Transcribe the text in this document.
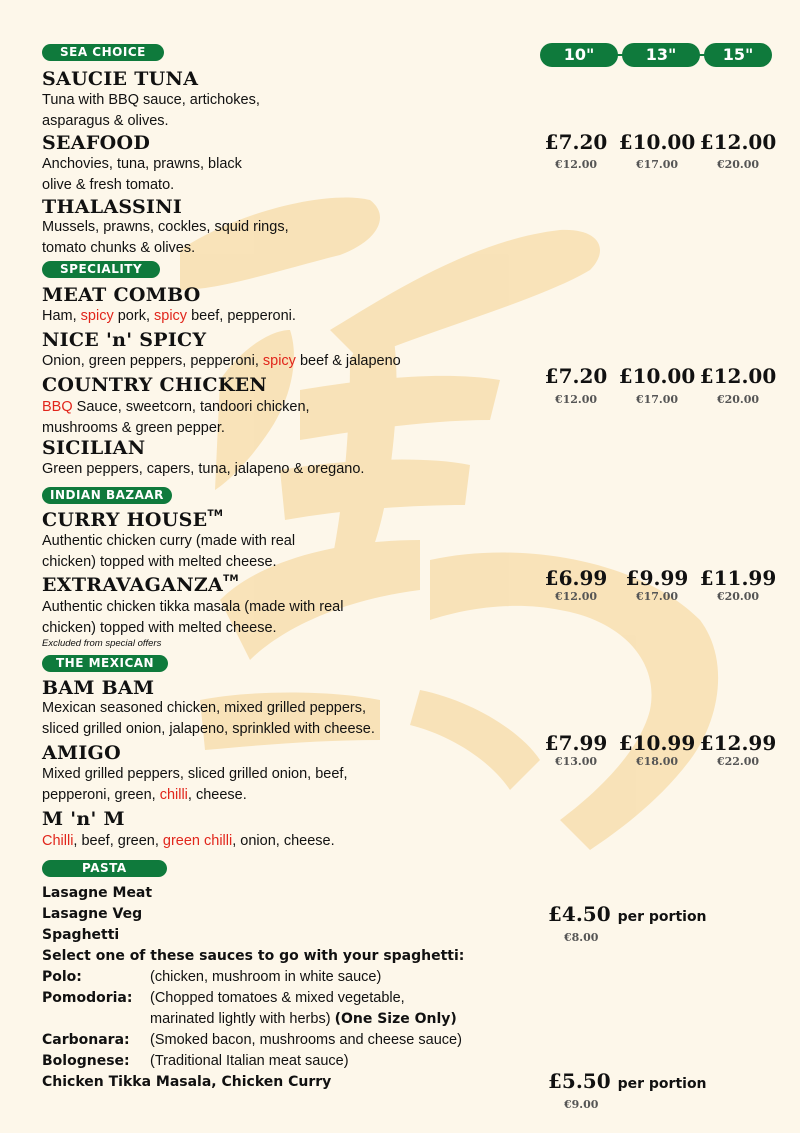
10"	13"	15"
SEA CHOICE
SAUCIE TUNA
Tuna with BBQ sauce, artichokes,
asparagus & olives.
SEAFOOD
Anchovies, tuna, prawns, black
olive & fresh tomato.
THALASSINI
Mussels, prawns, cockles, squid rings,
tomato chunks & olives.
£7.20 £10.00 £12.00
€12.00	€17.00	€20.00
SPECIALITY
MEAT COMBO
Ham, spicy pork, spicy beef, pepperoni.
NICE 'n' SPICY
Onion, green peppers, pepperoni, spicy beef & jalapeno
COUNTRY CHICKEN
BBQ Sauce, sweetcorn, tandoori chicken,
mushrooms & green pepper.
SICILIAN
Green peppers, capers, tuna, jalapeno & oregano.
£7.20 £10.00 £12.00
€12.00	€17.00	€20.00
INDIAN BAZAAR
CURRY HOUSE™
Authentic chicken curry (made with real
chicken) topped with melted cheese.
EXTRAVAGANZA™
Authentic chicken tikka masala (made with real
chicken) topped with melted cheese.
Excluded from special offers
£6.99 £9.99 £11.99
€12.00	€17.00	€20.00
THE MEXICAN
BAM BAM
Mexican seasoned chicken, mixed grilled peppers,
sliced grilled onion, jalapeno, sprinkled with cheese.
AMIGO
Mixed grilled peppers, sliced grilled onion, beef,
pepperoni, green, chilli, cheese.
M 'n' M
Chilli, beef, green, green chilli, onion, cheese.
£7.99 £10.99 £12.99
€13.00	€18.00	€22.00
PASTA
Lasagne Meat
Lasagne Veg
Spaghetti
Select one of these sauces to go with your spaghetti:
Polo:	(chicken, mushroom in white sauce)
Pomodoria: (Chopped tomatoes & mixed vegetable,
marinated lightly with herbs) (One Size Only)
Carbonara: (Smoked bacon, mushrooms and cheese sauce)
Bolognese: (Traditional Italian meat sauce)
Chicken Tikka Masala, Chicken Curry
£4.50 per portion
€8.00
£5.50 per portion
€9.00
